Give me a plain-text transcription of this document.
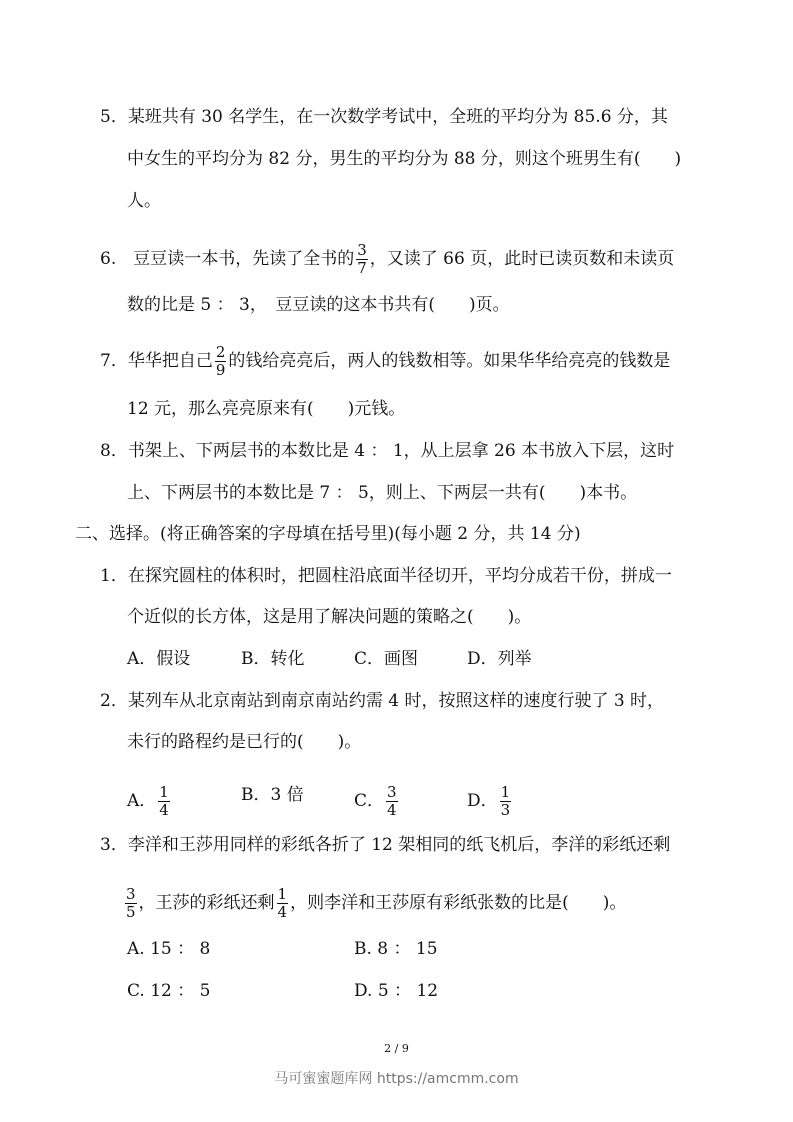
5．某班共有 30 名学生，在一次数学考试中，全班的平均分为 85.6 分，其
中女生的平均分为 82 分，男生的平均分为 88 分，则这个班男生有(　　)
人。
6.　豆豆读一本书，先读了全书的 $\frac{3}{7}$ ，又读了 66 页，此时已读页数和未读页
数的比是 5 ： 3，　豆豆读的这本书共有(　　)页。
7．华华把自己 $\frac{2}{9}$ 的钱给亮亮后，两人的钱数相等。如果华华给亮亮的钱数是
12 元，那么亮亮原来有(　　)元钱。
8．书架上、下两层书的本数比是 4 ： 1，从上层拿 26 本书放入下层，这时
上、下两层书的本数比是 7 ： 5，则上、下两层一共有(　　)本书。
二、选择。(将正确答案的字母填在括号里)(每小题 2 分，共 14 分)
1．在探究圆柱的体积时，把圆柱沿底面半径切开，平均分成若干份，拼成一
个近似的长方体，这是用了解决问题的策略之(　　)。
A．假设	B．转化	C．画图	D．列举
2．某列车从北京南站到南京南站约需 4 时，按照这样的速度行驶了 3 时，
未行的路程约是已行的(　　)。
A． $\frac{1}{4}$	B．3 倍	C． $\frac{3}{4}$	D． $\frac{1}{3}$
3．李洋和王莎用同样的彩纸各折了 12 架相同的纸飞机后，李洋的彩纸还剩
$\frac{3}{5}$ ，王莎的彩纸还剩 $\frac{1}{4}$ ，则李洋和王莎原有彩纸张数的比是(　　)。
A. 15 ： 8	B. 8 ： 15
C. 12 ： 5	D. 5 ： 12
2 / 9
马可蜜蜜题库网 https://amcmm.com
